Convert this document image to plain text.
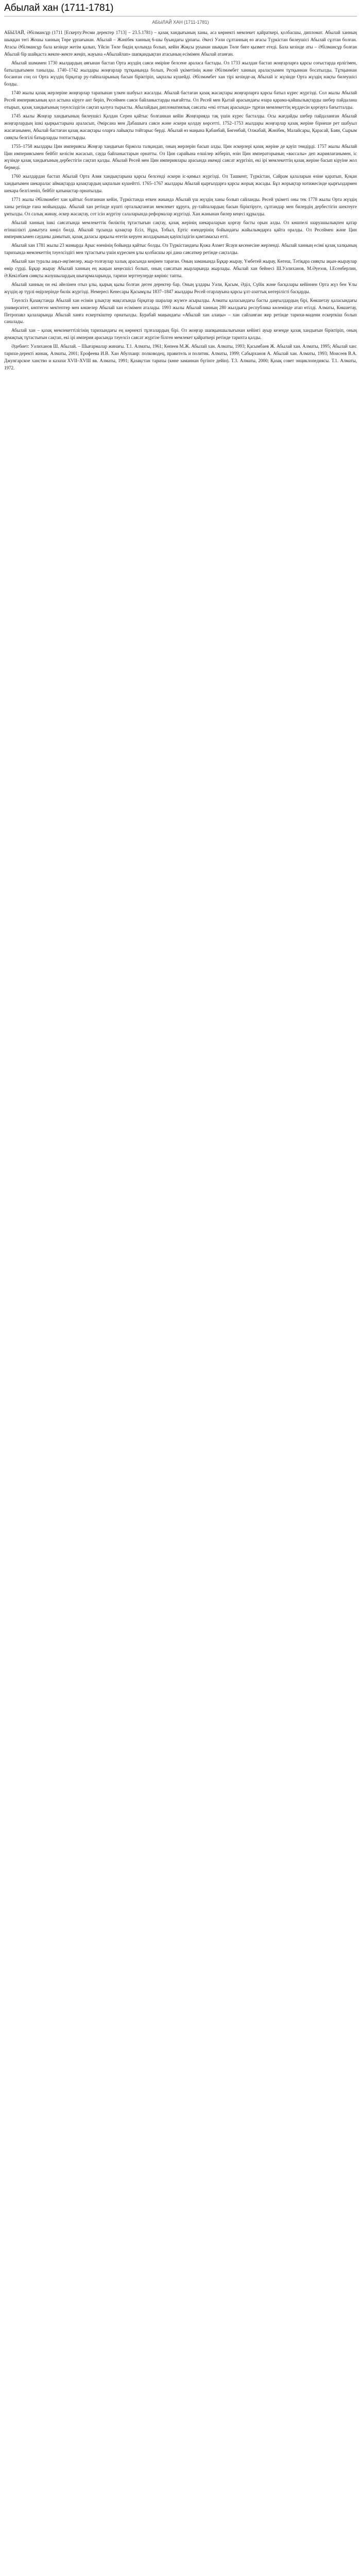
Абылай хан (1711-1781)
АБЫЛАЙ ХАН (1711-1781)

АБЫЛАЙ, Әбілмансұр (1711 [Ескерту:Ресми деректер 1713] – 23.5.1781) – қазақ хандығының ханы, аса көрнекті мемлекет қайраткері, қолбасшы, дипломат. Абылай ханның шыққан тегі Жошы ханның Төре ұрпағынан. Абылай – Жәнібек ханның 6-шы буындағы ұрпағы. Әкесі Уәли сұлтанның өз ағасы Түркістан билеушісі Абылай сұлтан болған. Атасы Әбілмансұр бала кезінде жетім қалып, Үйсін Төле бидің қолында болып, кейін Жақсы руынан шыққан Төле биге қызмет етеді. Бала кезінде аты – Әбілмансұр болған Абылай бір шайқаста жекпе-жекте жеңіп, жауына «Абылайлап» шапқандықтан атасының есімімен Абылай атанған.

Абылай шамамен 1730 жылдардың аяғынан бастап Орта жүздің саяси өміріне белсене араласа бастады. Ол 1733 жылдан бастап жоңғарларға қарсы соғыстарда ерлігімен, батылдығымен танылды. 1740–1742 жылдары жоңғарлар тұтқынында болып, Ресей үкіметінің және Әбілмәмбет ханның араласуымен тұтқыннан босатылды. Тұтқыннан босанған соң ол Орта жүздің бірқатар ру-тайпаларының басын біріктіріп, ықпалы күшейді. Әбілмәмбет хан тірі кезінде-ақ Абылай іс жүзінде Орта жүздің нақты билеушісі болды.

1740 жылы қазақ жерлеріне жоңғарлар тарапынан үлкен шабуыл жасалды. Абылай бастаған қазақ жасақтары жоңғарларға қарсы батыл күрес жүргізді. Сол жылы Абылай Ресей империясының қол астына кіруге ант беріп, Ресеймен саяси байланыстарды нығайтты. Ол Ресей мен Қытай арасындағы өзара қарама-қайшылықтарды шебер пайдалана отырып, қазақ хандығының тәуелсіздігін сақтап қалуға тырысты. Абылайдың дипломатиялық саясаты «екі оттың арасында» тұрған мемлекеттің мүддесін қорғауға бағытталды.

1745 жылы Жоңғар хандығының билеушісі Қалдан Серен қайтыс болғаннан кейін Жоңғарияда тақ үшін күрес басталды. Осы жағдайды шебер пайдаланған Абылай жоңғарлардың ішкі қырқыстарына араласып, Әмірсана мен Дабашыға саяси және әскери қолдау көрсетті. 1752–1753 жылдары жоңғарлар қазақ жеріне бірнеше рет шабуыл жасағанымен, Абылай бастаған қазақ жасақтары оларға лайықты тойтарыс берді. Абылай өз маңына Қабанбай, Бөгенбай, Олжабай, Жәнібек, Малайсары, Қарасай, Баян, Сырым сияқты белгілі батырларды топтастырды.

1755–1758 жылдары Цин империясы Жоңғар хандығын біржола талқандап, оның жерлерін басып алды. Цин әскерлері қазақ жеріне де қауіп төндірді. 1757 жылы Абылай Цин империясымен бейбіт келісім жасасып, сауда байланыстарын орнатты. Ол Цин сарайына елшілер жіберіп, өзін Цин императорының «вассалы» деп жариялағанымен, іс жүзінде қазақ хандығының дербестігін сақтап қалды. Абылай Ресей мен Цин империялары арасында икемді саясат жүргізіп, екі ірі мемлекеттің қазақ жеріне басып кіруіне жол бермеді.

1760 жылдардан бастап Абылай Орта Азия хандықтарына қарсы белсенді әскери іс-қимыл жүргізді. Ол Ташкент, Түркістан, Сайрам қалаларын өзіне қаратып, Қоқан хандығымен шекаралас аймақтарда қазақтардың ықпалын күшейтті. 1765–1767 жылдары Абылай қырғыздарға қарсы жорық жасады. Бұл жорықтар нәтижесінде қырғыздармен шекара белгіленіп, бейбіт қатынастар орнатылды.

1771 жылы Әбілмәмбет хан қайтыс болғаннан кейін, Түркістанда өткен жиында Абылай үш жүздің ханы болып сайланды. Ресей үкіметі оны тек 1778 жылы Орта жүздің ханы ретінде ғана мойындады. Абылай хан ретінде күшті орталықтанған мемлекет құруға, ру-тайпалардың басын біріктіруге, сұлтандар мен билердің дербестігін шектеуге ұмтылды. Ол салық жинау, әскер жасақтау, сот ісін жүргізу салаларында реформалар жүргізді. Хан жанынан билер кеңесі құрылды.

Абылай ханның ішкі саясатында мемлекеттік биліктің тұтастығын сақтау, қазақ жерінің шекараларын қорғау басты орын алды. Ол көшпелі шаруашылықпен қатар егіншілікті дамытуға көңіл бөлді. Абылай тұсында қазақтар Есіл, Нұра, Тобыл, Ертіс өзендерінің бойындағы жайылымдарға қайта оралды. Ол Ресеймен және Цин империясымен сауданы дамытып, қазақ даласы арқылы өтетін керуен жолдарының қауіпсіздігін қамтамасыз етті.

Абылай хан 1781 жылы 23 мамырда Арыс өзенінің бойында қайтыс болды. Ол Түркістандағы Қожа Ахмет Ясауи кесенесіне жерленді. Абылай ханның есімі қазақ халқының тарихында мемлекеттің тәуелсіздігі мен тұтастығы үшін күрескен ұлы қолбасшы әрі дана саясаткер ретінде сақталды.

Абылай хан туралы аңыз-әңгімелер, жыр-толғаулар халық арасында кеңінен тараған. Оның заманында Бұқар жырау, Үмбетей жырау, Көтеш, Тәтіқара сияқты ақын-жыраулар өмір сүрді. Бұқар жырау Абылай ханның ең жақын кеңесшісі болып, оның саясатын жырларында жырлады. Абылай хан бейнесі Ш.Уәлиханов, М.Әуезов, І.Есенберлин, Ә.Кекілбаев сияқты жазушылардың шығармаларында, тарихи зерттеулерде көрініс тапты.

Абылай ханның он екі әйелінен отыз ұлы, қырық қызы болған деген деректер бар. Оның ұлдары Уәли, Қасым, Әділ, Сүйік және басқалары кейіннен Орта жүз бен Ұлы жүздің әр түрлі өңірлерінде билік жүргізді. Немересі Кенесары Қасымұлы 1837–1847 жылдары Ресей отарлауына қарсы ұлт-азаттық көтерілісті басқарды.

Тәуелсіз Қазақстанда Абылай хан есімін ұлықтау мақсатында бірқатар шаралар жүзеге асырылды. Алматы қаласындағы басты даңғылдардың бірі, Көкшетау қаласындағы университет, көптеген мектептер мен көшелер Абылай хан есімімен аталады. 1993 жылы Абылай ханның 280 жылдығы республика көлемінде атап өтілді. Алматы, Көкшетау, Петропавл қалаларында Абылай ханға ескерткіштер орнатылды. Бурабай маңындағы «Абылай хан алаңы» – хан сайланған жер ретінде тарихи-мәдени ескерткіш болып саналады.

Абылай хан – қазақ мемлекеттілігінің тарихындағы ең көрнекті тұлғалардың бірі. Ол жоңғар шапқыншылығынан кейінгі ауыр кезеңде қазақ хандығын біріктіріп, оның аумақтық тұтастығын сақтап, екі ірі империя арасында тәуелсіз саясат жүргізе білген мемлекет қайраткері ретінде тарихта қалды.

Әдебиет: Уәлиханов Ш. Абылай. – Шығармалар жинағы. Т.1. Алматы, 1961; Көпеев М.Ж. Абылай хан. Алматы, 1993; Қасымбаев Ж. Абылай хан. Алматы, 1995; Абылай хан: тарихи-деректі жинақ. Алматы, 2001; Ерофеева И.В. Хан Абулхаир: полководец, правитель и политик. Алматы, 1999; Сабырханов А. Абылай хан. Алматы, 1993; Моисеев В.А. Джунгарское ханство и казахи XVII–XVIII вв. Алматы, 1991; Қазақстан тарихы (көне заманнан бүгінге дейін). Т.3. Алматы, 2000; Қазақ совет энциклопедиясы. Т.1. Алматы, 1972.
